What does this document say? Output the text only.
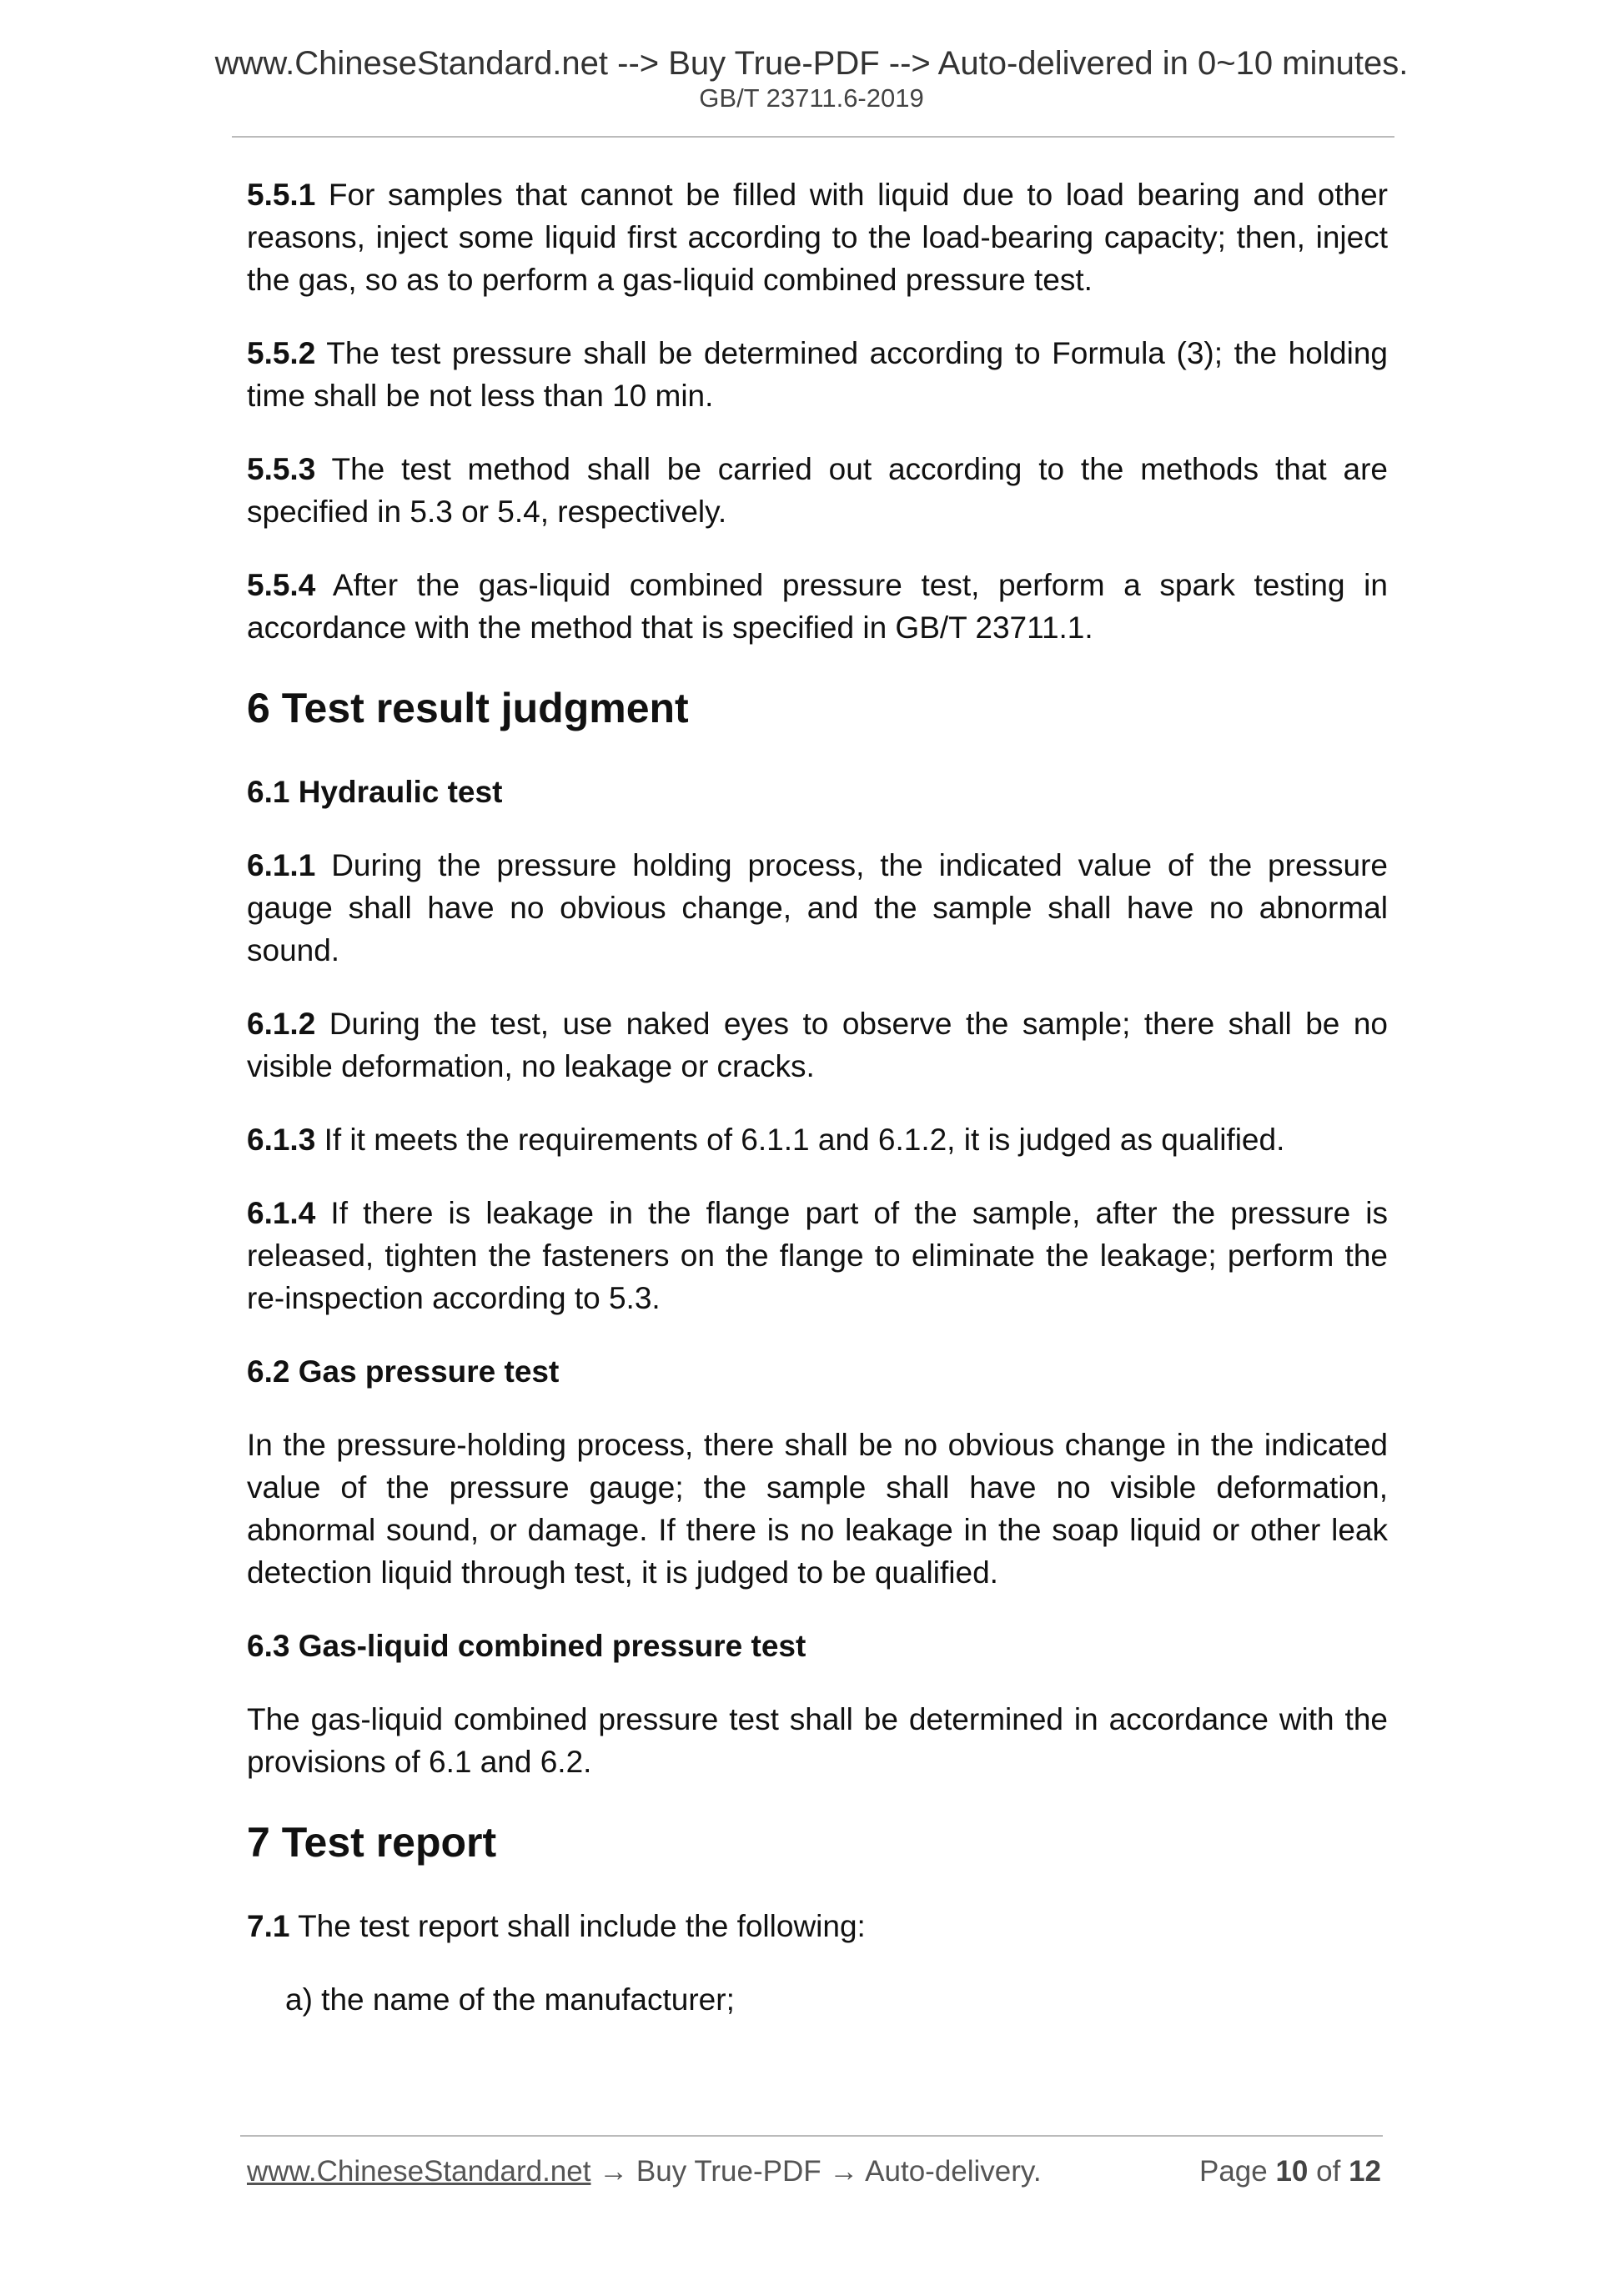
www.ChineseStandard.net --> Buy True-PDF --> Auto-delivered in 0~10 minutes.
GB/T 23711.6-2019

5.5.1 For samples that cannot be filled with liquid due to load bearing and other reasons, inject some liquid first according to the load-bearing capacity; then, inject the gas, so as to perform a gas-liquid combined pressure test.

5.5.2 The test pressure shall be determined according to Formula (3); the holding time shall be not less than 10 min.

5.5.3 The test method shall be carried out according to the methods that are specified in 5.3 or 5.4, respectively.

5.5.4 After the gas-liquid combined pressure test, perform a spark testing in accordance with the method that is specified in GB/T 23711.1.

6 Test result judgment
6.1 Hydraulic test

6.1.1 During the pressure holding process, the indicated value of the pressure gauge shall have no obvious change, and the sample shall have no abnormal sound.

6.1.2 During the test, use naked eyes to observe the sample; there shall be no visible deformation, no leakage or cracks.

6.1.3 If it meets the requirements of 6.1.1 and 6.1.2, it is judged as qualified.

6.1.4 If there is leakage in the flange part of the sample, after the pressure is released, tighten the fasteners on the flange to eliminate the leakage; perform the re-inspection according to 5.3.

6.2 Gas pressure test

In the pressure-holding process, there shall be no obvious change in the indicated value of the pressure gauge; the sample shall have no visible deformation, abnormal sound, or damage. If there is no leakage in the soap liquid or other leak detection liquid through test, it is judged to be qualified.

6.3 Gas-liquid combined pressure test

The gas-liquid combined pressure test shall be determined in accordance with the provisions of 6.1 and 6.2.

7 Test report

7.1 The test report shall include the following:

a) the name of the manufacturer;

www.ChineseStandard.net → Buy True-PDF → Auto-delivery.	Page 10 of 12
